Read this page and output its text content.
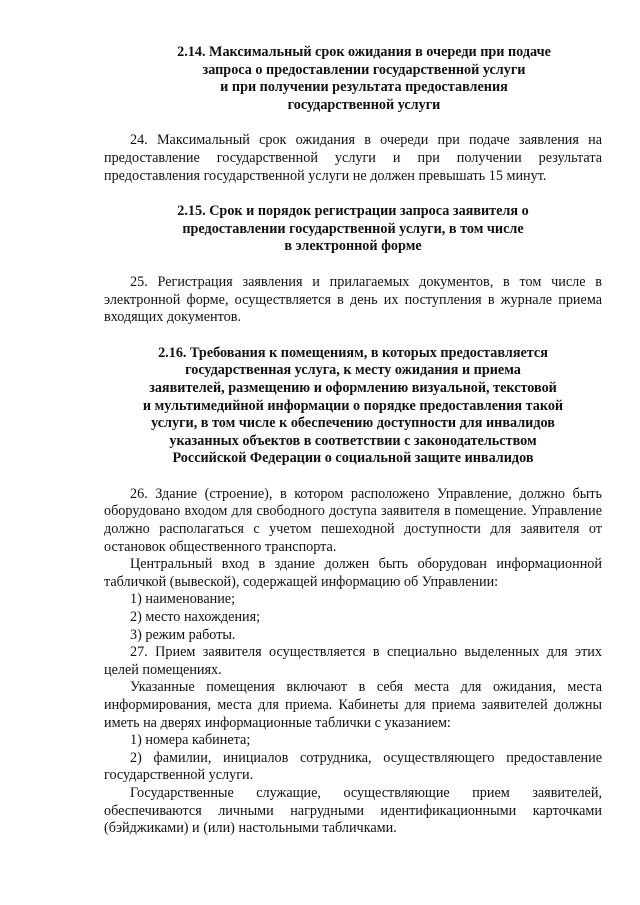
2.14. Максимальный срок ожидания в очереди при подаче
запроса о предоставлении государственной услуги
и при получении результата предоставления
государственной услуги

24. Максимальный срок ожидания в очереди при подаче заявления на предоставление государственной услуги и при получении результата предоставления государственной услуги не должен превышать 15 минут.

2.15. Срок и порядок регистрации запроса заявителя о
предоставлении государственной услуги, в том числе
в электронной форме

25. Регистрация заявления и прилагаемых документов, в том числе в электронной форме, осуществляется в день их поступления в журнале приема входящих документов.

2.16. Требования к помещениям, в которых предоставляется
государственная услуга, к месту ожидания и приема
заявителей, размещению и оформлению визуальной, текстовой
и мультимедийной информации о порядке предоставления такой
услуги, в том числе к обеспечению доступности для инвалидов
указанных объектов в соответствии с законодательством
Российской Федерации о социальной защите инвалидов

26. Здание (строение), в котором расположено Управление, должно быть оборудовано входом для свободного доступа заявителя в помещение. Управление должно располагаться с учетом пешеходной доступности для заявителя от остановок общественного транспорта.

Центральный вход в здание должен быть оборудован информационной табличкой (вывеской), содержащей информацию об Управлении:

1) наименование;

2) место нахождения;

3) режим работы.

27. Прием заявителя осуществляется в специально выделенных для этих целей помещениях.

Указанные помещения включают в себя места для ожидания, места информирования, места для приема. Кабинеты для приема заявителей должны иметь на дверях информационные таблички с указанием:

1) номера кабинета;

2) фамилии, инициалов сотрудника, осуществляющего предоставление государственной услуги.

Государственные служащие, осуществляющие прием заявителей, обеспечиваются личными нагрудными идентификационными карточками (бэйджиками) и (или) настольными табличками.
